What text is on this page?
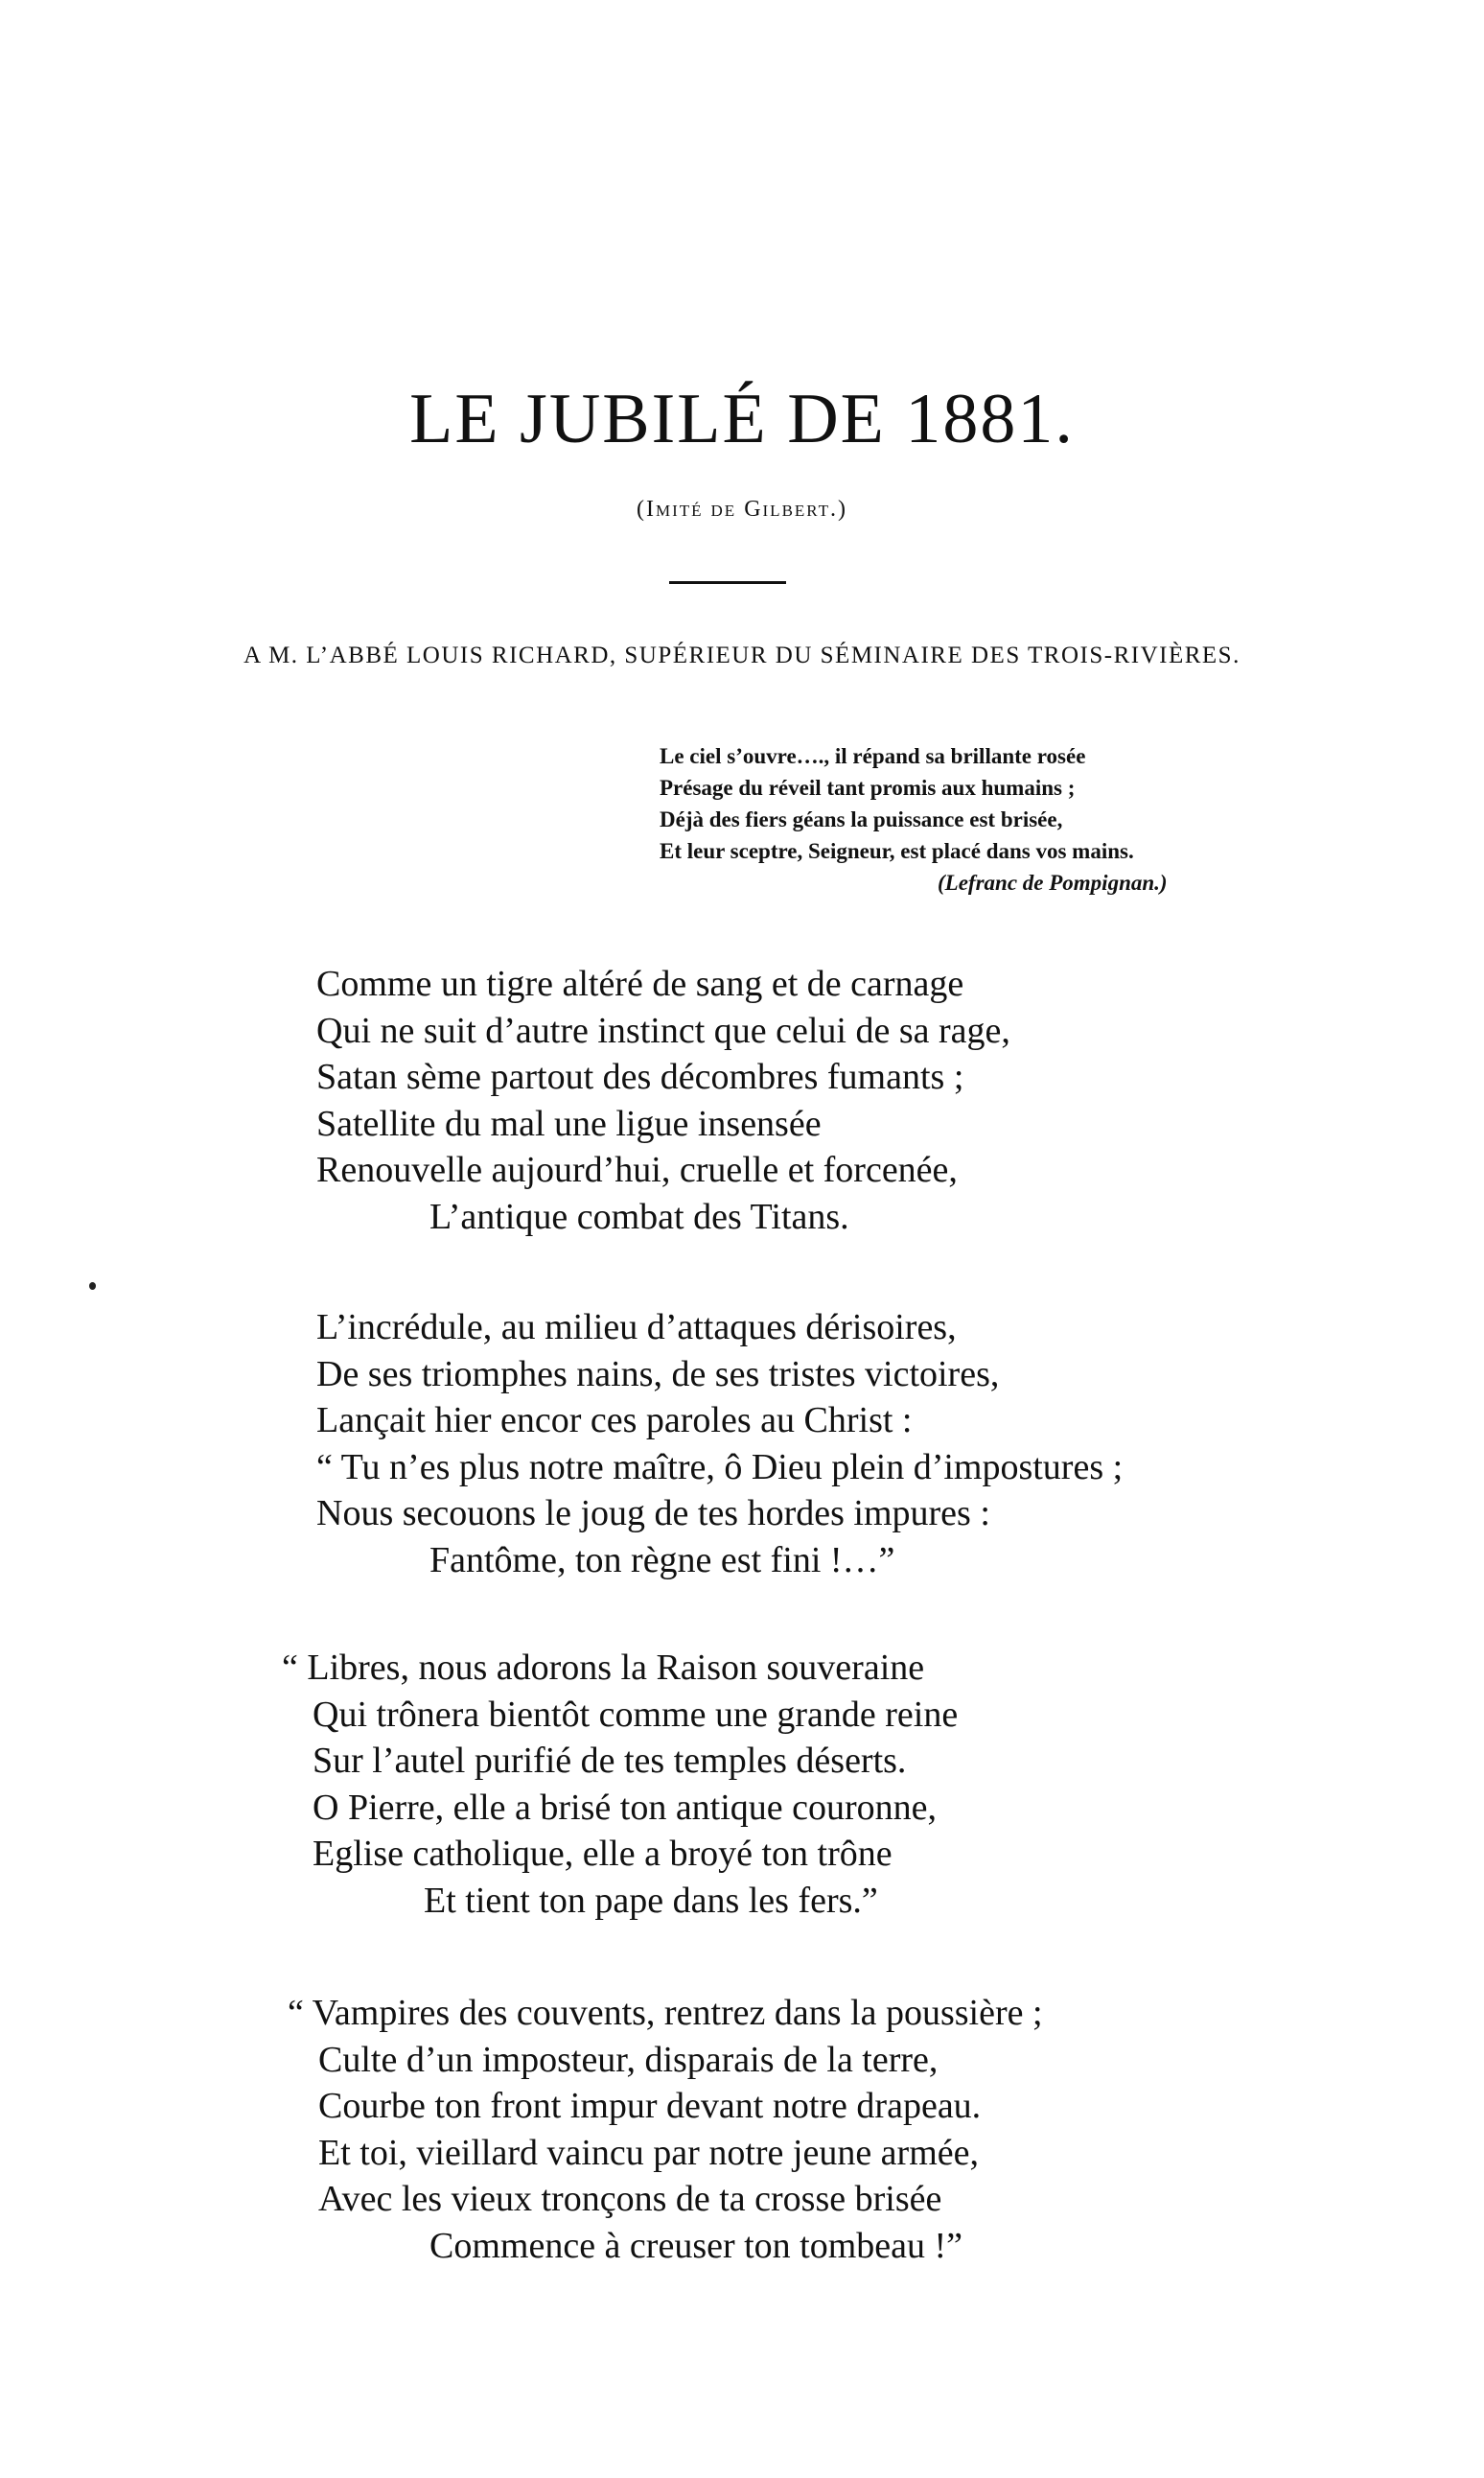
LE JUBILÉ DE 1881.
(Imité de Gilbert.)
A M. L’ABBÉ LOUIS RICHARD, SUPÉRIEUR DU SÉMINAIRE DES TROIS-RIVIÈRES.
Le ciel s’ouvre…., il répand sa brillante rosée
Présage du réveil tant promis aux humains ;
Déjà des fiers géans la puissance est brisée,
Et leur sceptre, Seigneur, est placé dans vos mains.
(Lefranc de Pompignan.)
Comme un tigre altéré de sang et de carnage
Qui ne suit d’autre instinct que celui de sa rage,
Satan sème partout des décombres fumants ;
Satellite du mal une ligue insensée
Renouvelle aujourd’hui, cruelle et forcenée,
L’antique combat des Titans.
L’incrédule, au milieu d’attaques dérisoires,
De ses triomphes nains, de ses tristes victoires,
Lançait hier encor ces paroles au Christ :
“ Tu n’es plus notre maître, ô Dieu plein d’impostures ;
Nous secouons le joug de tes hordes impures :
Fantôme, ton règne est fini !…”
“ Libres, nous adorons la Raison souveraine
Qui trônera bientôt comme une grande reine
Sur l’autel purifié de tes temples déserts.
O Pierre, elle a brisé ton antique couronne,
Eglise catholique, elle a broyé ton trône
Et tient ton pape dans les fers.”
“ Vampires des couvents, rentrez dans la poussière ;
Culte d’un imposteur, disparais de la terre,
Courbe ton front impur devant notre drapeau.
Et toi, vieillard vaincu par notre jeune armée,
Avec les vieux tronçons de ta crosse brisée
Commence à creuser ton tombeau !”
